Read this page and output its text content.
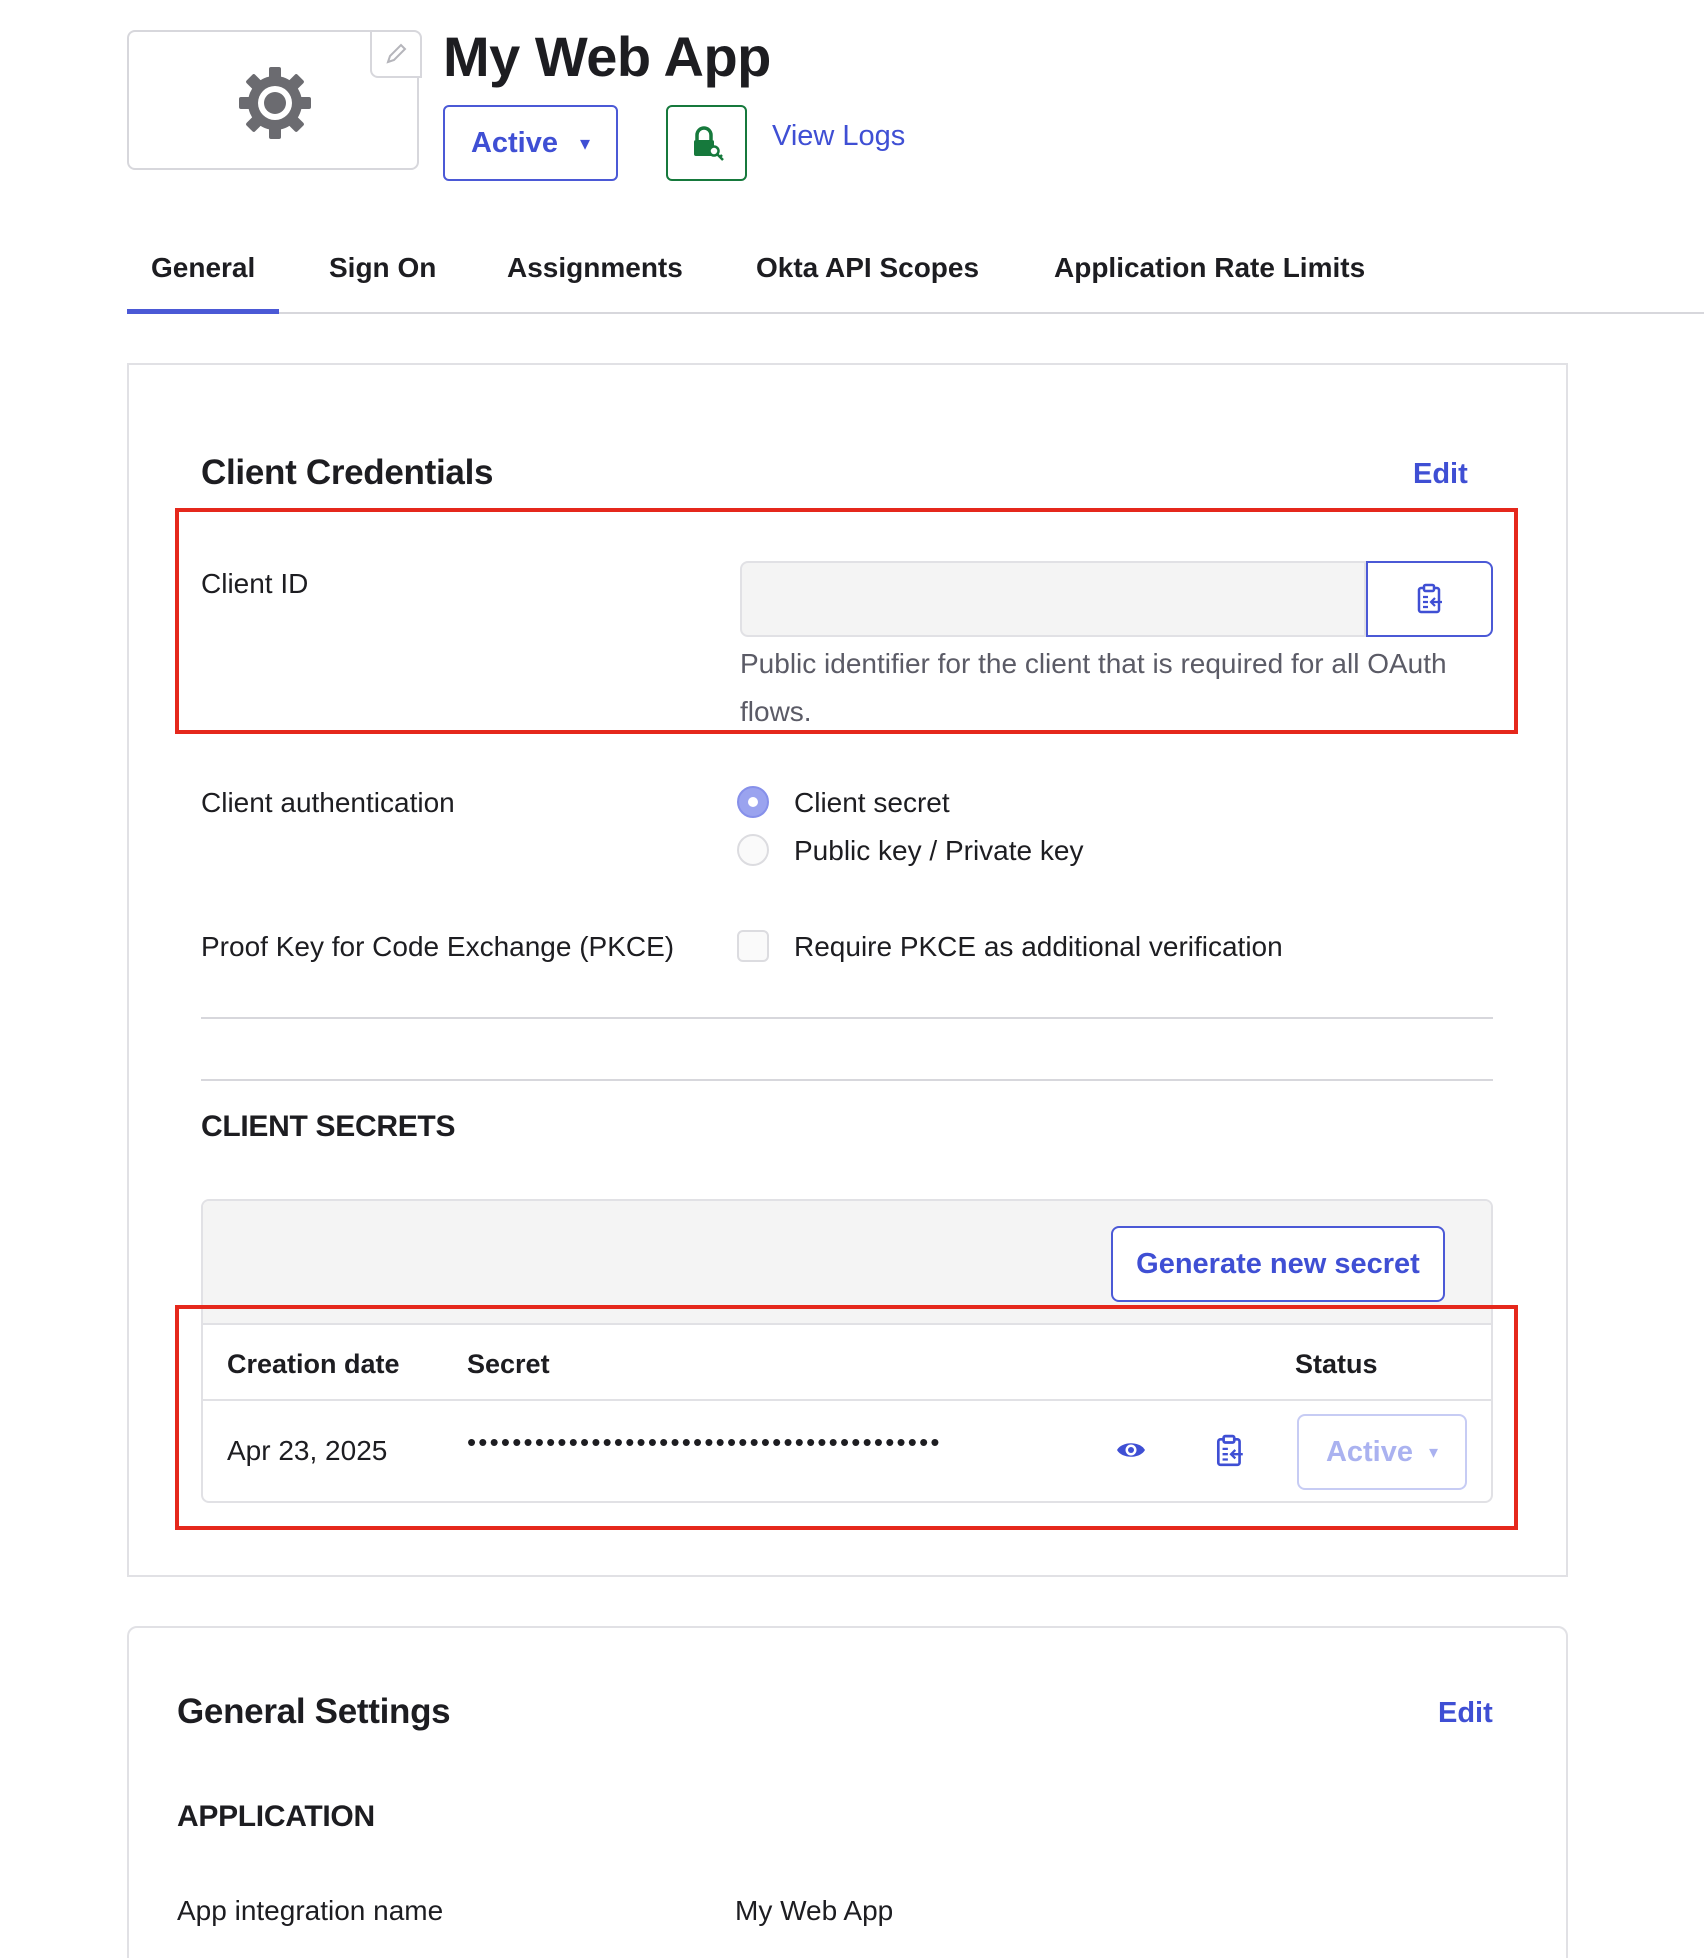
My Web App
Active ▾	View Logs
General	Sign On	Assignments	Okta API Scopes	Application Rate Limits
Client Credentials	Edit
Client ID
Public identifier for the client that is required for all OAuth flows.
Client authentication	Client secret
Public key / Private key
Proof Key for Code Exchange (PKCE)	Require PKCE as additional verification
CLIENT SECRETS
Generate new secret
Creation date Secret	Status
Apr 23, 2025	••••••••••••••••••••••••••••••••••••••••••	Active ▾
General Settings	Edit
APPLICATION
App integration name	My Web App
